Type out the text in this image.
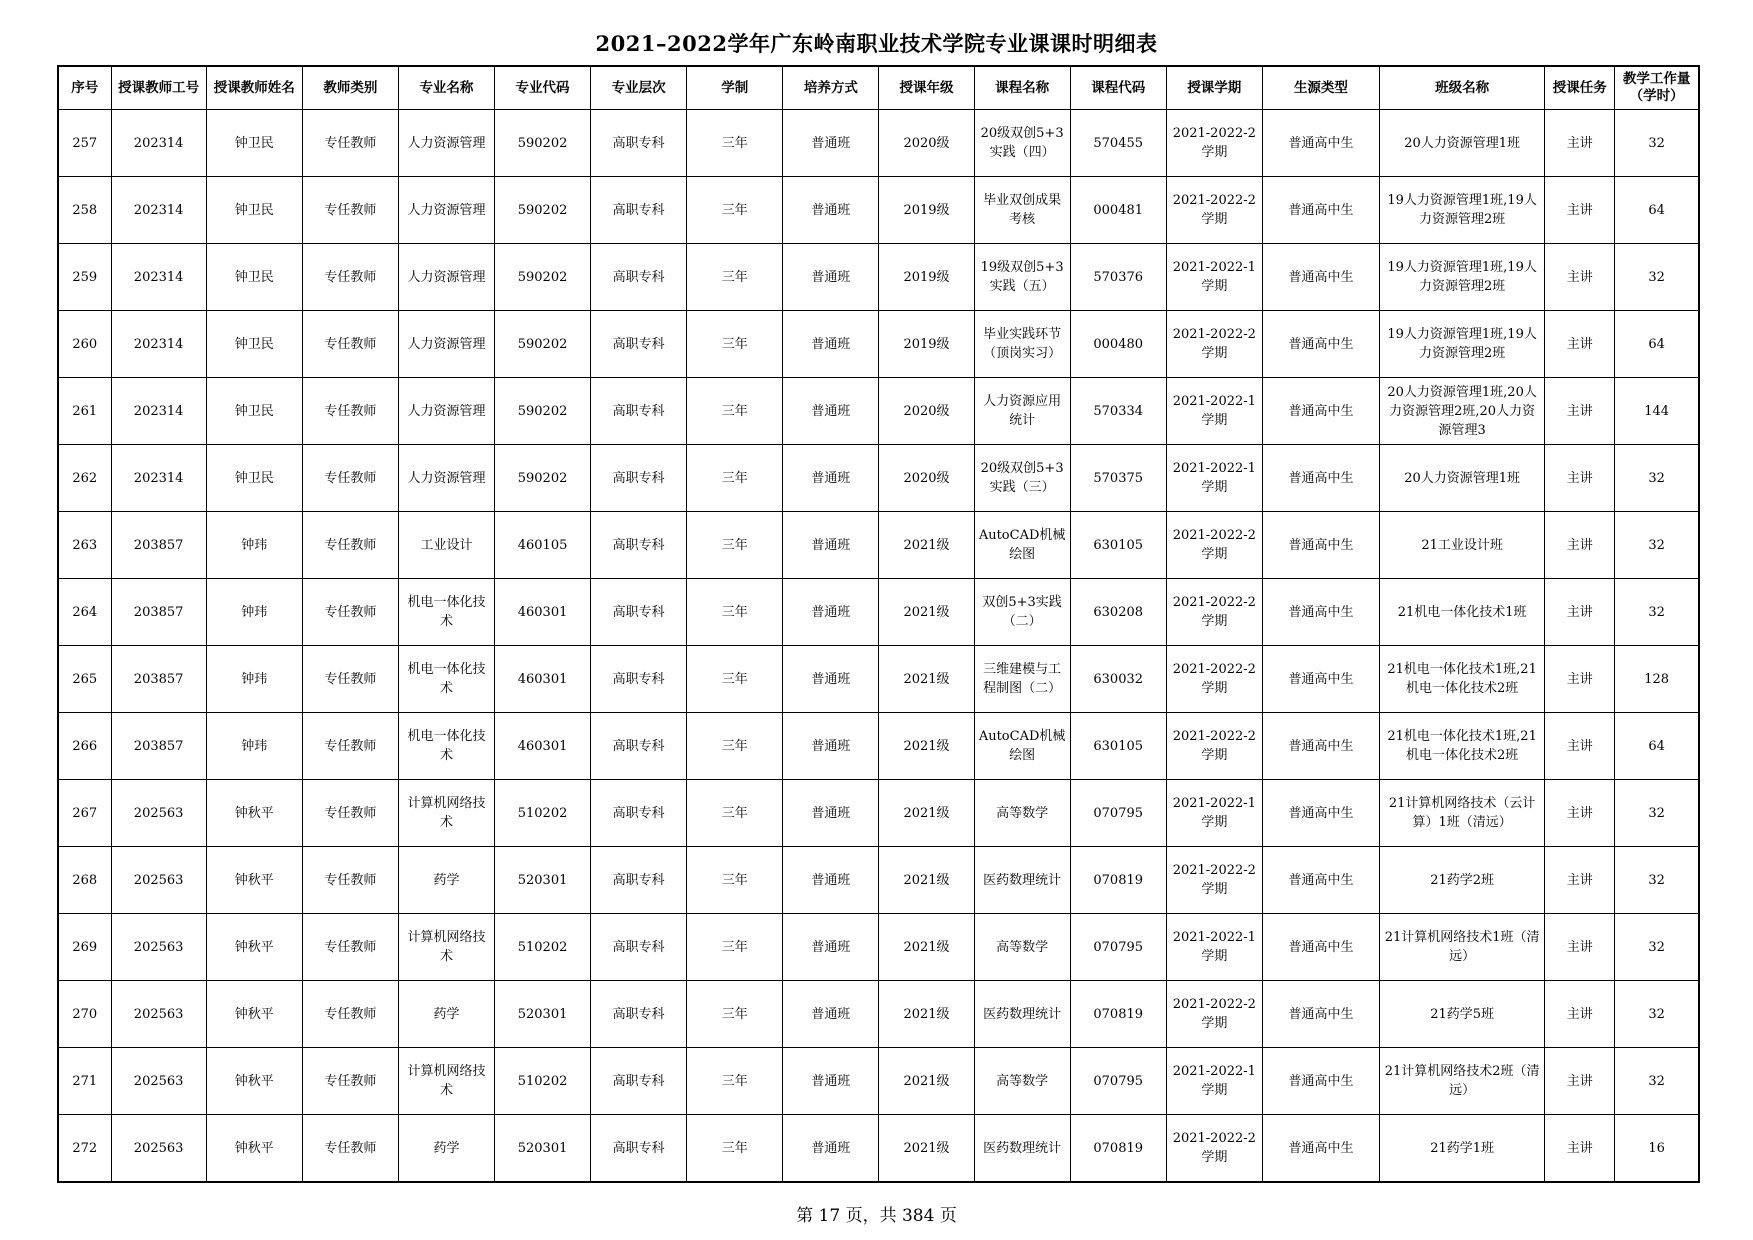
2021–2022学年广东岭南职业技术学院专业课课时明细表
序号	授课教师工号	授课教师姓名	教师类别	专业名称	专业代码	专业层次	学制	培养方式	授课年级	课程名称	课程代码	授课学期	生源类型	班级名称	授课任务	教学工作量（学时）
257	202314	钟卫民	专任教师	人力资源管理	590202	高职专科	三年	普通班	2020级	20级双创5+3实践（四）	570455	2021-2022-2学期	普通高中生	20人力资源管理1班	主讲	32
258	202314	钟卫民	专任教师	人力资源管理	590202	高职专科	三年	普通班	2019级	毕业双创成果考核	000481	2021-2022-2学期	普通高中生	19人力资源管理1班,19人力资源管理2班	主讲	64
259	202314	钟卫民	专任教师	人力资源管理	590202	高职专科	三年	普通班	2019级	19级双创5+3实践（五）	570376	2021-2022-1学期	普通高中生	19人力资源管理1班,19人力资源管理2班	主讲	32
260	202314	钟卫民	专任教师	人力资源管理	590202	高职专科	三年	普通班	2019级	毕业实践环节（顶岗实习）	000480	2021-2022-2学期	普通高中生	19人力资源管理1班,19人力资源管理2班	主讲	64
261	202314	钟卫民	专任教师	人力资源管理	590202	高职专科	三年	普通班	2020级	人力资源应用统计	570334	2021-2022-1学期	普通高中生	20人力资源管理1班,20人力资源管理2班,20人力资源管理3	主讲	144
262	202314	钟卫民	专任教师	人力资源管理	590202	高职专科	三年	普通班	2020级	20级双创5+3实践（三）	570375	2021-2022-1学期	普通高中生	20人力资源管理1班	主讲	32
263	203857	钟玮	专任教师	工业设计	460105	高职专科	三年	普通班	2021级	AutoCAD机械绘图	630105	2021-2022-2学期	普通高中生	21工业设计班	主讲	32
264	203857	钟玮	专任教师	机电一体化技术	460301	高职专科	三年	普通班	2021级	双创5+3实践（二）	630208	2021-2022-2学期	普通高中生	21机电一体化技术1班	主讲	32
265	203857	钟玮	专任教师	机电一体化技术	460301	高职专科	三年	普通班	2021级	三维建模与工程制图（二）	630032	2021-2022-2学期	普通高中生	21机电一体化技术1班,21机电一体化技术2班	主讲	128
266	203857	钟玮	专任教师	机电一体化技术	460301	高职专科	三年	普通班	2021级	AutoCAD机械绘图	630105	2021-2022-2学期	普通高中生	21机电一体化技术1班,21机电一体化技术2班	主讲	64
267	202563	钟秋平	专任教师	计算机网络技术	510202	高职专科	三年	普通班	2021级	高等数学	070795	2021-2022-1学期	普通高中生	21计算机网络技术（云计算）1班（清远）	主讲	32
268	202563	钟秋平	专任教师	药学	520301	高职专科	三年	普通班	2021级	医药数理统计	070819	2021-2022-2学期	普通高中生	21药学2班	主讲	32
269	202563	钟秋平	专任教师	计算机网络技术	510202	高职专科	三年	普通班	2021级	高等数学	070795	2021-2022-1学期	普通高中生	21计算机网络技术1班（清远）	主讲	32
270	202563	钟秋平	专任教师	药学	520301	高职专科	三年	普通班	2021级	医药数理统计	070819	2021-2022-2学期	普通高中生	21药学5班	主讲	32
271	202563	钟秋平	专任教师	计算机网络技术	510202	高职专科	三年	普通班	2021级	高等数学	070795	2021-2022-1学期	普通高中生	21计算机网络技术2班（清远）	主讲	32
272	202563	钟秋平	专任教师	药学	520301	高职专科	三年	普通班	2021级	医药数理统计	070819	2021-2022-2学期	普通高中生	21药学1班	主讲	16
第 17 页，共 384 页
